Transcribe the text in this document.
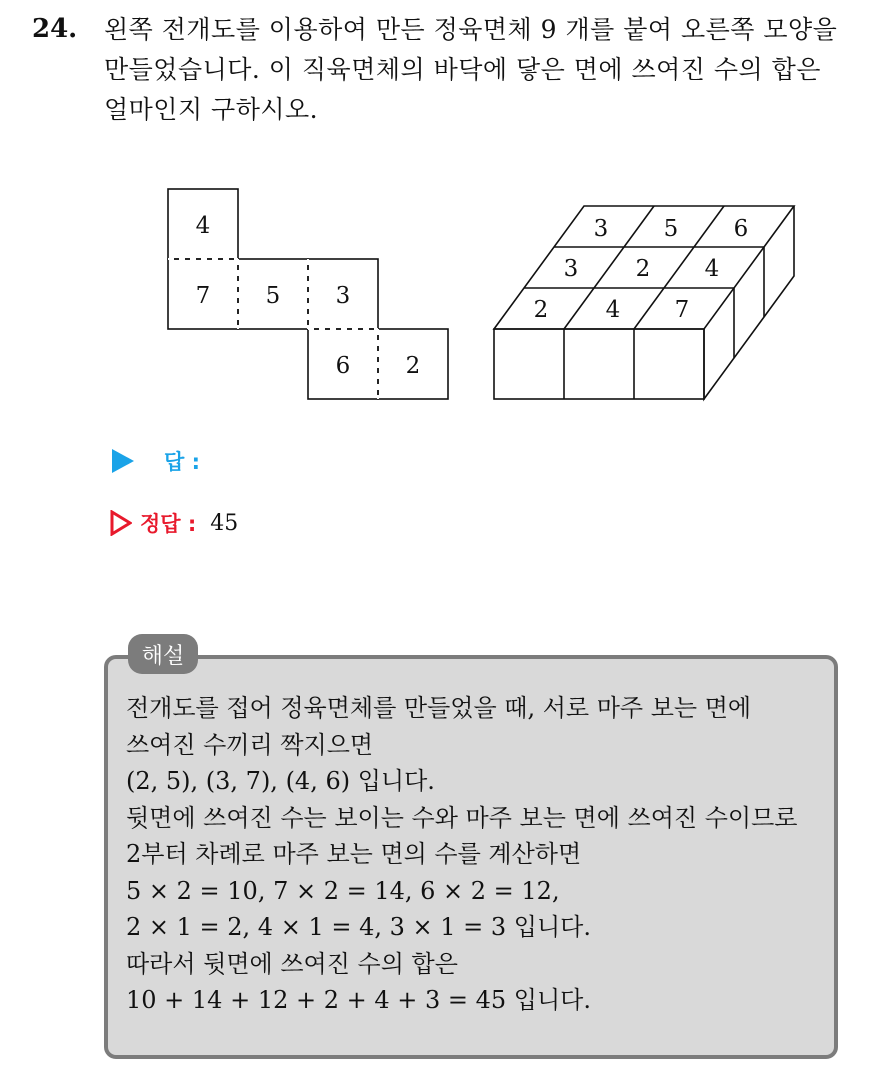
24. 왼쪽 전개도를 이용하여 만든 정육면체 9 개를 붙여 오른쪽 모양을
만들었습니다. 이 직육면체의 바닥에 닿은 면에 쓰여진 수의 합은
얼마인지 구하시오.
4
7 5 3
6 2
3 5 6
3 2 4
2 4 7
답 :
정답 : 45
해설
전개도를 접어 정육면체를 만들었을 때, 서로 마주 보는 면에
쓰여진 수끼리 짝지으면
(2, 5), (3, 7), (4, 6) 입니다.
뒷면에 쓰여진 수는 보이는 수와 마주 보는 면에 쓰여진 수이므로
2부터 차례로 마주 보는 면의 수를 계산하면
5 × 2 = 10, 7 × 2 = 14, 6 × 2 = 12,
2 × 1 = 2, 4 × 1 = 4, 3 × 1 = 3 입니다.
따라서 뒷면에 쓰여진 수의 합은
10 + 14 + 12 + 2 + 4 + 3 = 45 입니다.
